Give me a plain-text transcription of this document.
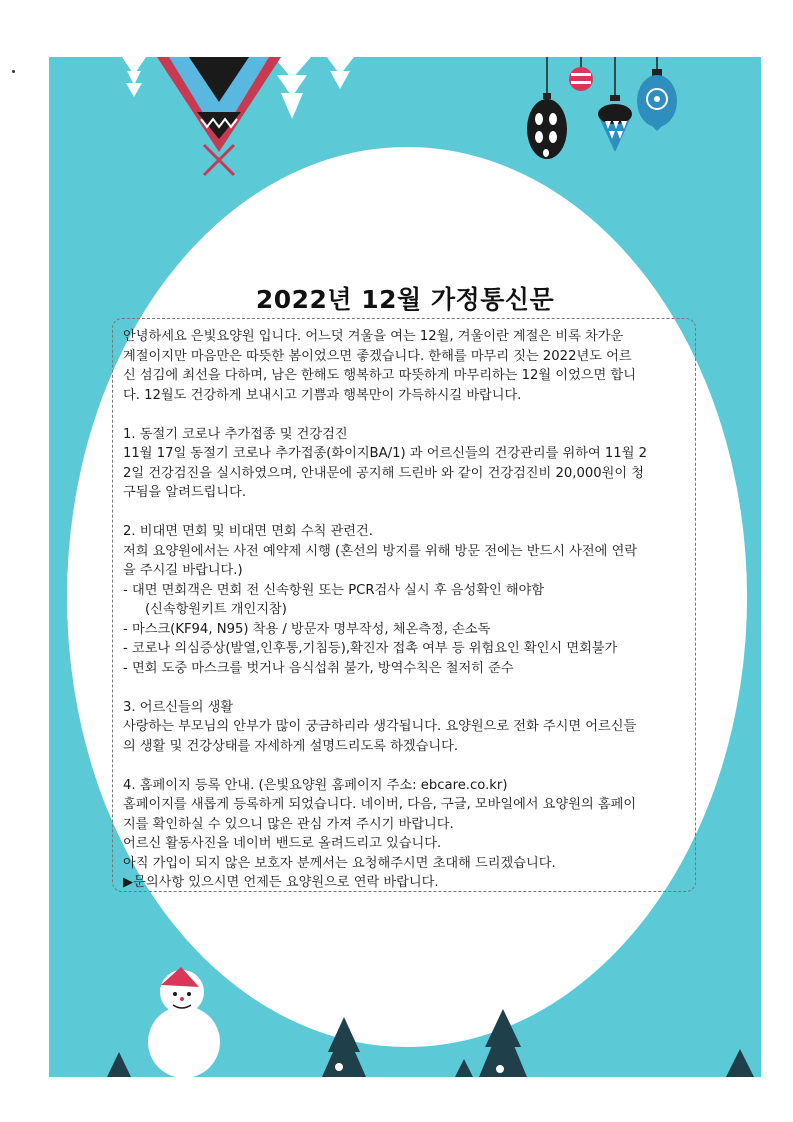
2022년 12월 가정통신문

안녕하세요 은빛요양원 입니다. 어느덧 겨울을 여는 12월, 겨울이란 계절은 비록 차가운

계절이지만 마음만은 따뜻한 봄이었으면 좋겠습니다. 한해를 마무리 짓는 2022년도 어르

신 섬김에 최선을 다하며, 남은 한해도 행복하고 따뜻하게 마무리하는 12월 이었으면 합니

다. 12월도 건강하게 보내시고 기쁨과 행복만이 가득하시길 바랍니다.

1. 동절기 코로나 추가접종 및 건강검진

11월 17일 동절기 코로나 추가접종(화이지BA/1) 과 어르신들의 건강관리를 위하여 11월 2

2일 건강검진을 실시하였으며, 안내문에 공지해 드린바 와 같이 건강검진비 20,000원이 청

구됨을 알려드립니다.

2. 비대면 면회 및 비대면 면회 수칙 관련건.

저희 요양원에서는 사전 예약제 시행 (혼선의 방지를 위해 방문 전에는 반드시 사전에 연락

을 주시길 바랍니다.)

- 대면 면회객은 면회 전 신속항원 또는 PCR검사 실시 후 음성확인 해야함

(신속항원키트 개인지참)

- 마스크(KF94, N95) 착용 / 방문자 명부작성, 체온측정, 손소독

- 코로나 의심증상(발열,인후통,기침등),확진자 접촉 여부 등 위험요인 확인시 면회불가

- 면회 도중 마스크를 벗거나 음식섭취 불가, 방역수칙은 철저히 준수

3. 어르신들의 생활

사랑하는 부모님의 안부가 많이 궁금하리라 생각됩니다. 요양원으로 전화 주시면 어르신들

의 생활 및 건강상태를 자세하게 설명드리도록 하겠습니다.

4. 홈페이지 등록 안내. (은빛요양원 홈페이지 주소: ebcare.co.kr)

홈페이지를 새롭게 등록하게 되었습니다. 네이버, 다음, 구글, 모바일에서 요양원의 홈페이

지를 확인하실 수 있으니 많은 관심 가져 주시기 바랍니다.

어르신 활동사진을 네이버 밴드로 올려드리고 있습니다.

아직 가입이 되지 않은 보호자 분께서는 요청해주시면 초대해 드리겠습니다.

▶문의사항 있으시면 언제든 요양원으로 연락 바랍니다.
